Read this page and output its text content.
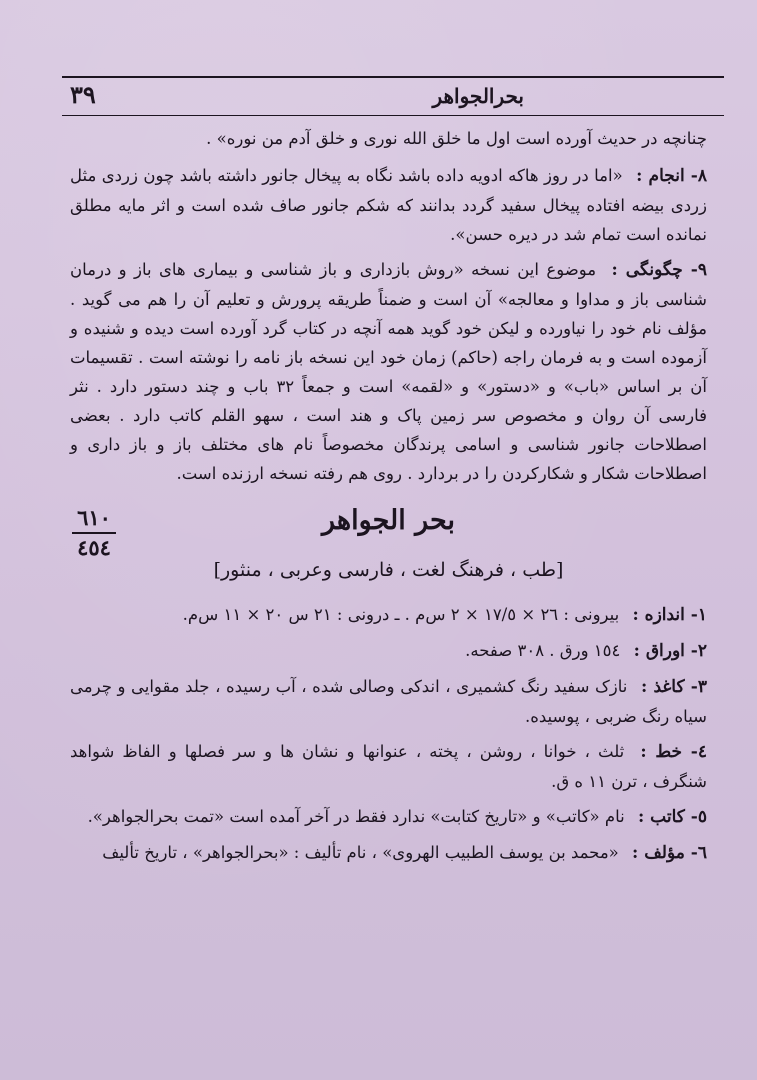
بحرالجواهر
٣٩

چنانچه در حدیث آورده است اول ما خلق الله نوری و خلق آدم من نوره» .

٨- انجام : «اما در روز هاکه ادویه داده باشد نگاه به پیخال جانور داشته باشد چون زردی مثل زردی بیضه افتاده پیخال سفید گردد بدانند که شکم جانور صاف شده است و اثر مایه مطلق نمانده است تمام شد در دیره حسن».

٩- چگونگی : موضوع این نسخه «روش بازداری و باز شناسی و بیماری های باز و درمان شناسی باز و مداوا و معالجه» آن است و ضمناً طریقه پرورش و تعلیم آن را هم می گوید . مؤلف نام خود را نیاورده و لیکن خود گوید همه آنچه در کتاب گرد آورده است دیده و شنیده و آزموده است و به فرمان راجه (حاکم) زمان خود این نسخه باز نامه را نوشته است . تقسیمات آن بر اساس «باب» و «دستور» و «لقمه» است و جمعاً ٣٢ باب و چند دستور دارد . نثر فارسی آن روان و مخصوص سر زمین پاک و هند است ، سهو القلم کاتب دارد . بعضی اصطلاحات جانور شناسی و اسامی پرندگان مخصوصاً نام های مختلف باز و باز داری و اصطلاحات شکار و شکارکردن را در بردارد . روی هم رفته نسخه ارزنده است.

٦١٠
٤٥٤
بحر الجواهر
[طب ، فرهنگ لغت ، فارسی وعربی ، منثور]

١- اندازه : بیرونی : ٢٦ × ١٧/٥ × ٢ س‌م . ـ درونی : ٢١ س ٢٠ × ١١ س‌م.

٢- اوراق : ١٥٤ ورق . ٣٠٨ صفحه.

٣- کاغذ : نازک سفید رنگ کشمیری ، اندکی وصالی شده ، آب رسیده ، جلد مقوایی و چرمی سیاه رنگ ضربی ، پوسیده.

٤- خط : ثلث ، خوانا ، روشن ، پخته ، عنوانها و نشان ها و سر فصلها و الفاظ شواهد شنگرف ، ترن ١١ ه ق.

٥- کاتب : نام «کاتب» و «تاریخ کتابت» ندارد فقط در آخر آمده است «تمت بحرالجواهر».

٦- مؤلف : «محمد بن یوسف الطبیب الهروی» ، نام تألیف : «بحرالجواهر» ، تاریخ تألیف
